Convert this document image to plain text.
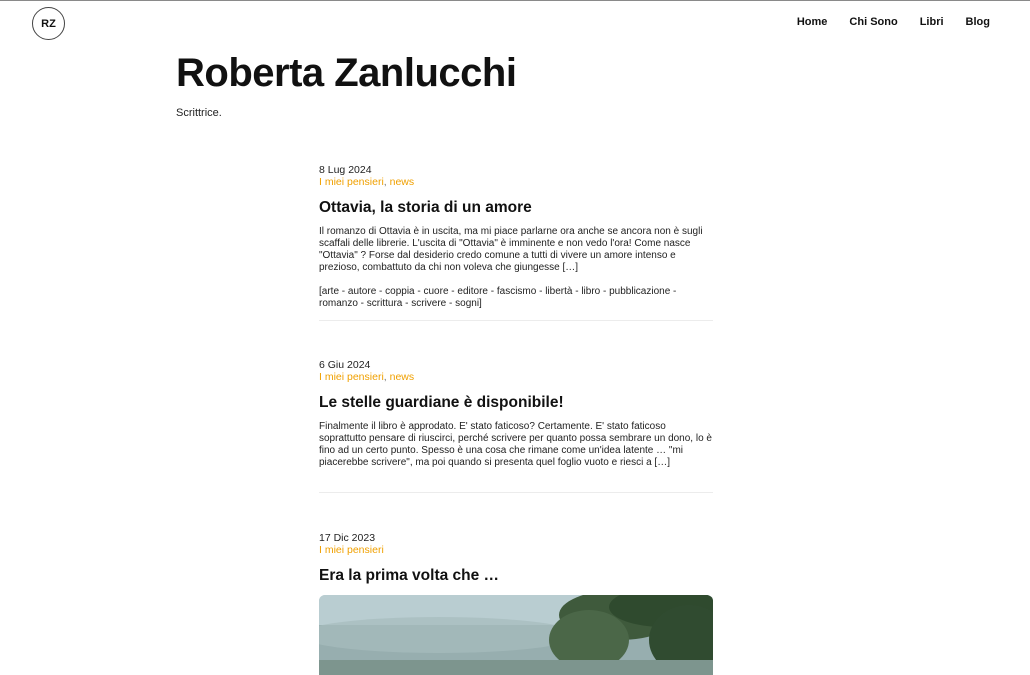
RZ	Home Chi Sono Libri Blog
Roberta Zanlucchi
Scrittrice.
8 Lug 2024
I miei pensieri, news
Ottavia, la storia di un amore
Il romanzo di Ottavia è in uscita, ma mi piace parlarne ora anche se ancora non è sugli scaffali delle librerie. L'uscita di "Ottavia" è imminente e non vedo l'ora! Come nasce "Ottavia" ? Forse dal desiderio credo comune a tutti di vivere un amore intenso e prezioso, combattuto da chi non voleva che giungesse […]
[arte - autore - coppia - cuore - editore - fascismo - libertà - libro - pubblicazione - romanzo - scrittura - scrivere - sogni]
6 Giu 2024
I miei pensieri, news
Le stelle guardiane è disponibile!
Finalmente il libro è approdato. E' stato faticoso? Certamente. E' stato faticoso soprattutto pensare di riuscirci, perché scrivere per quanto possa sembrare un dono, lo è fino ad un certo punto. Spesso è una cosa che rimane come un'idea latente … "mi piacerebbe scrivere", ma poi quando si presenta quel foglio vuoto e riesci a […]
17 Dic 2023
I miei pensieri
Era la prima volta che …
